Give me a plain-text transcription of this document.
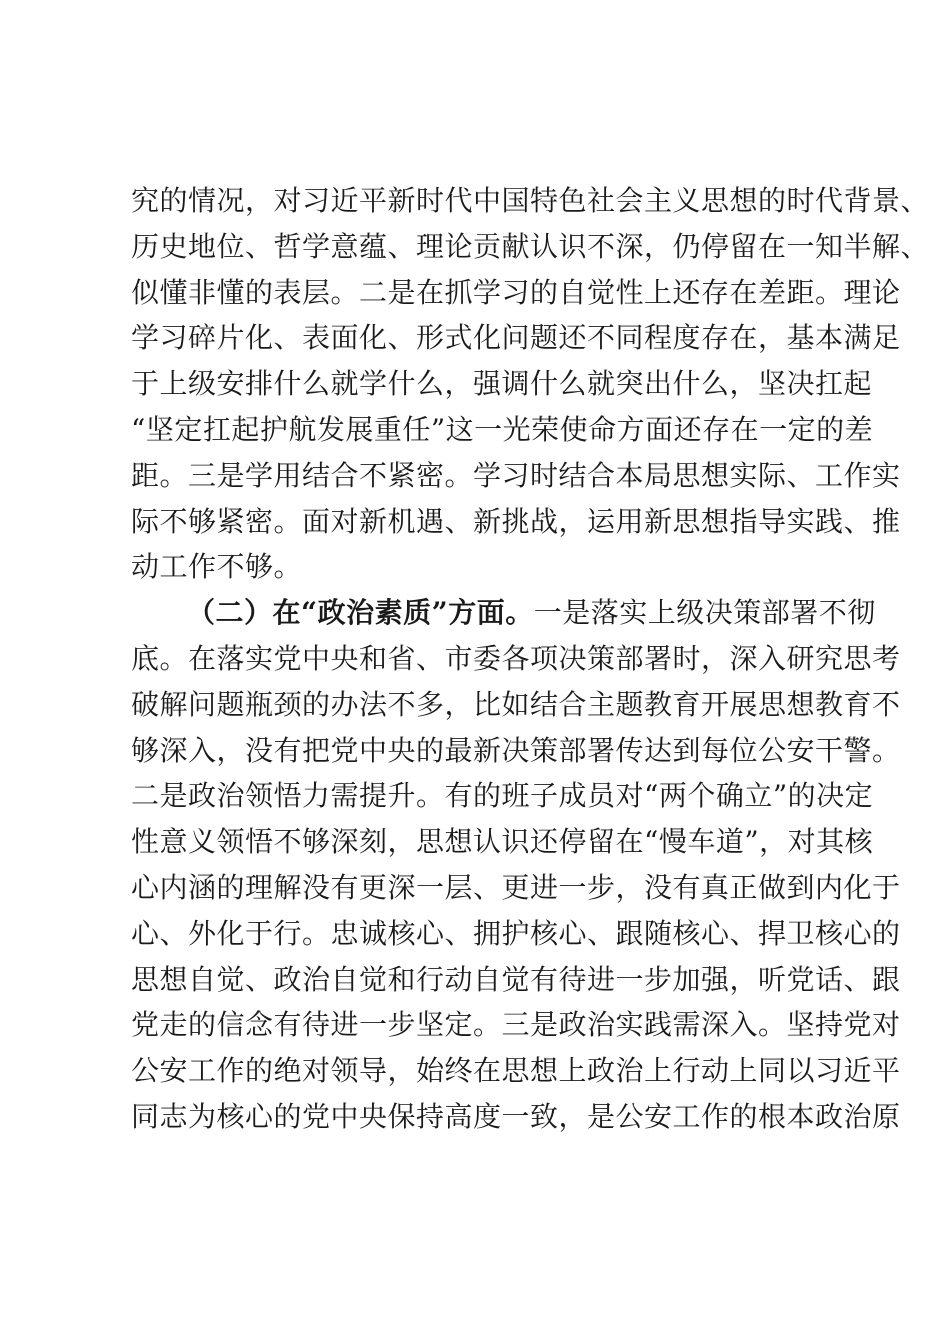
究的情况，对习近平新时代中国特色社会主义思想的时代背景、
历史地位、哲学意蕴、理论贡献认识不深，仍停留在一知半解、
似懂非懂的表层。二是在抓学习的自觉性上还存在差距。理论
学习碎片化、表面化、形式化问题还不同程度存在，基本满足
于上级安排什么就学什么，强调什么就突出什么，坚决扛起
“坚定扛起护航发展重任”这一光荣使命方面还存在一定的差
距。三是学用结合不紧密。学习时结合本局思想实际、工作实
际不够紧密。面对新机遇、新挑战，运用新思想指导实践、推
动工作不够。
（二）在“政治素质”方面。一是落实上级决策部署不彻
底。在落实党中央和省、市委各项决策部署时，深入研究思考
破解问题瓶颈的办法不多，比如结合主题教育开展思想教育不
够深入，没有把党中央的最新决策部署传达到每位公安干警。
二是政治领悟力需提升。有的班子成员对“两个确立”的决定
性意义领悟不够深刻，思想认识还停留在“慢车道”，对其核
心内涵的理解没有更深一层、更进一步，没有真正做到内化于
心、外化于行。忠诚核心、拥护核心、跟随核心、捍卫核心的
思想自觉、政治自觉和行动自觉有待进一步加强，听党话、跟
党走的信念有待进一步坚定。三是政治实践需深入。坚持党对
公安工作的绝对领导，始终在思想上政治上行动上同以习近平
同志为核心的党中央保持高度一致，是公安工作的根本政治原
